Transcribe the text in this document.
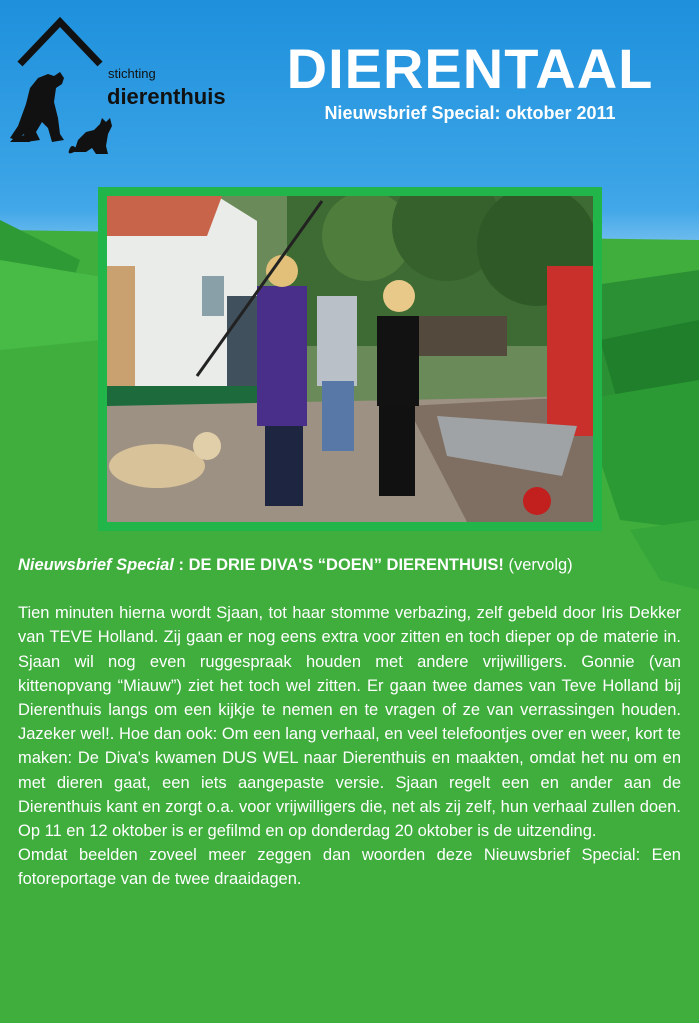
stichting
dierenthuis	DIERENTAAL
Nieuwsbrief Special: oktober 2011
Nieuwsbrief Special : DE DRIE DIVA'S “DOEN” DIERENTHUIS! (vervolg)

Tien minuten hierna wordt Sjaan, tot haar stomme verbazing, zelf gebeld door Iris Dekker van TEVE Holland. Zij gaan er nog eens extra voor zitten en toch dieper op de materie in. Sjaan wil nog even ruggespraak houden met andere vrijwilligers. Gonnie (van kittenopvang “Miauw”) ziet het toch wel zitten. Er gaan twee dames van Teve Holland bij Dierenthuis langs om een kijkje te nemen en te vragen of ze van verrassingen houden. Jazeker wel!. Hoe dan ook: Om een lang verhaal, en veel telefoontjes over en weer, kort te maken: De Diva's kwamen DUS WEL naar Dierenthuis en maakten, omdat het nu om en met dieren gaat, een iets aangepaste versie. Sjaan regelt een en ander aan de Dierenthuis kant en zorgt o.a. voor vrijwilligers die, net als zij zelf, hun verhaal zullen doen. Op 11 en 12 oktober is er gefilmd en op donderdag 20 oktober is de uitzending.

Omdat beelden zoveel meer zeggen dan woorden deze Nieuwsbrief Special: Een fotoreportage van de twee draaidagen.
